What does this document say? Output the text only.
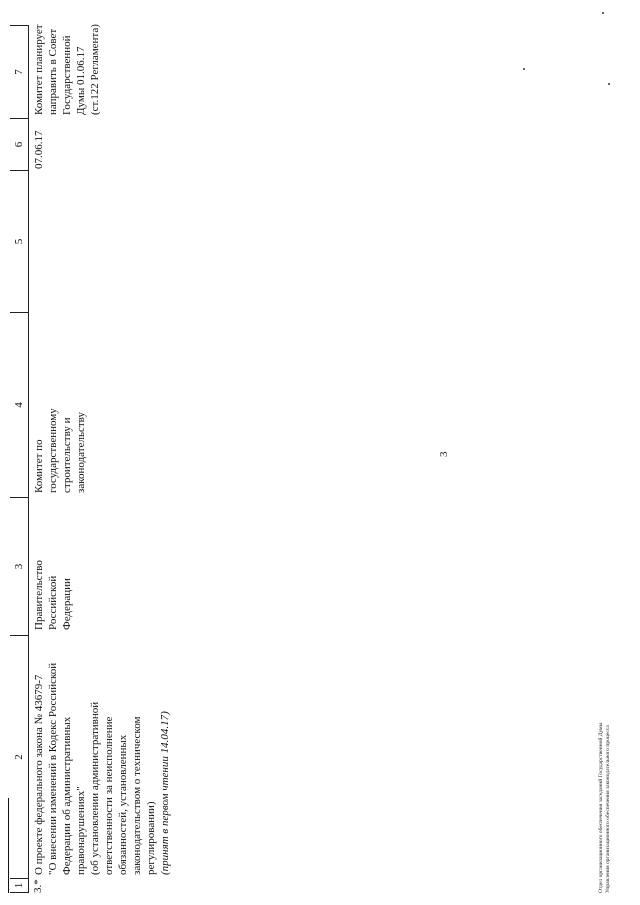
3
1
2
3
4
5
6
7
3.*
О проекте федерального закона № 43679-7 "О внесении изменений в Кодекс Российской Федерации об административных правонарушениях" (об установлении административной ответственности за неисполнение обязанностей, установленных законодательством о техническом регулировании) (принят в первом чтении 14.04.17)
Правительство Российской Федерации
Комитет по государственному строительству и законодательству
07.06.17
Комитет планирует направить в Совет Государственной Думы 01.06.17 (ст.122 Регламента)
Отдел организационного обеспечения заседаний Государственной Думы Управления организационного обеспечения законодательного процесса
